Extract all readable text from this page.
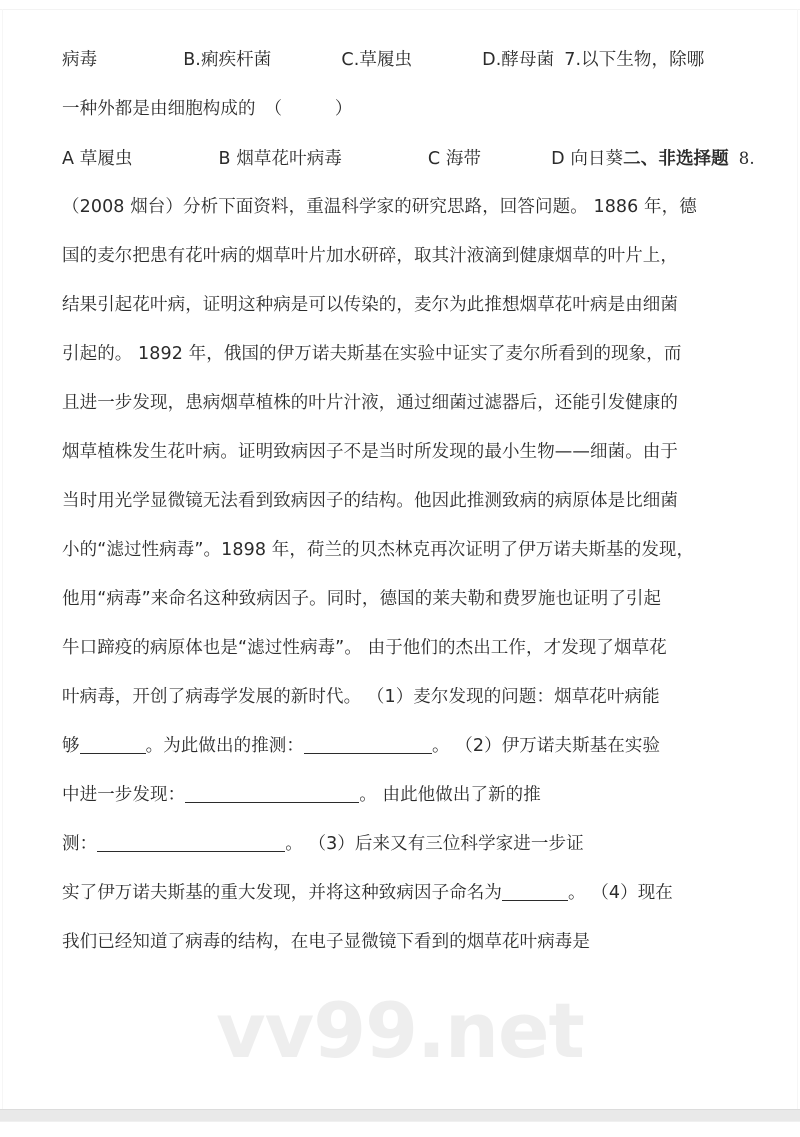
vv99.net
病毒	B.痢疾杆菌	C.草履虫	D.酵母菌 7.以下生物，除哪
一种外都是由细胞构成的　（　　　）
A 草履虫	B 烟草花叶病毒	C 海带	D 向日葵二、非选择题 8.
（2008 烟台）分析下面资料，重温科学家的研究思路，回答问题。 1886 年，德
国的麦尔把患有花叶病的烟草叶片加水研碎，取其汁液滴到健康烟草的叶片上，
结果引起花叶病，证明这种病是可以传染的，麦尔为此推想烟草花叶病是由细菌
引起的。 1892 年，俄国的伊万诺夫斯基在实验中证实了麦尔所看到的现象，而
且进一步发现，患病烟草植株的叶片汁液，通过细菌过滤器后，还能引发健康的
烟草植株发生花叶病。证明致病因子不是当时所发现的最小生物——细菌。由于
当时用光学显微镜无法看到致病因子的结构。他因此推测致病的病原体是比细菌
小的“滤过性病毒”。1898 年，荷兰的贝杰林克再次证明了伊万诺夫斯基的发现，
他用“病毒”来命名这种致病因子。同时，德国的莱夫勒和费罗施也证明了引起
牛口蹄疫的病原体也是“滤过性病毒”。 由于他们的杰出工作，才发现了烟草花
叶病毒，开创了病毒学发展的新时代。 （1）麦尔发现的问题：烟草花叶病能
够	。为此做出的推测：	。 （2）伊万诺夫斯基在实验
中进一步发现：	。 由此他做出了新的推
测：	。 （3）后来又有三位科学家进一步证
实了伊万诺夫斯基的重大发现，并将这种致病因子命名为	。 （4）现在
我们已经知道了病毒的结构，在电子显微镜下看到的烟草花叶病毒是
